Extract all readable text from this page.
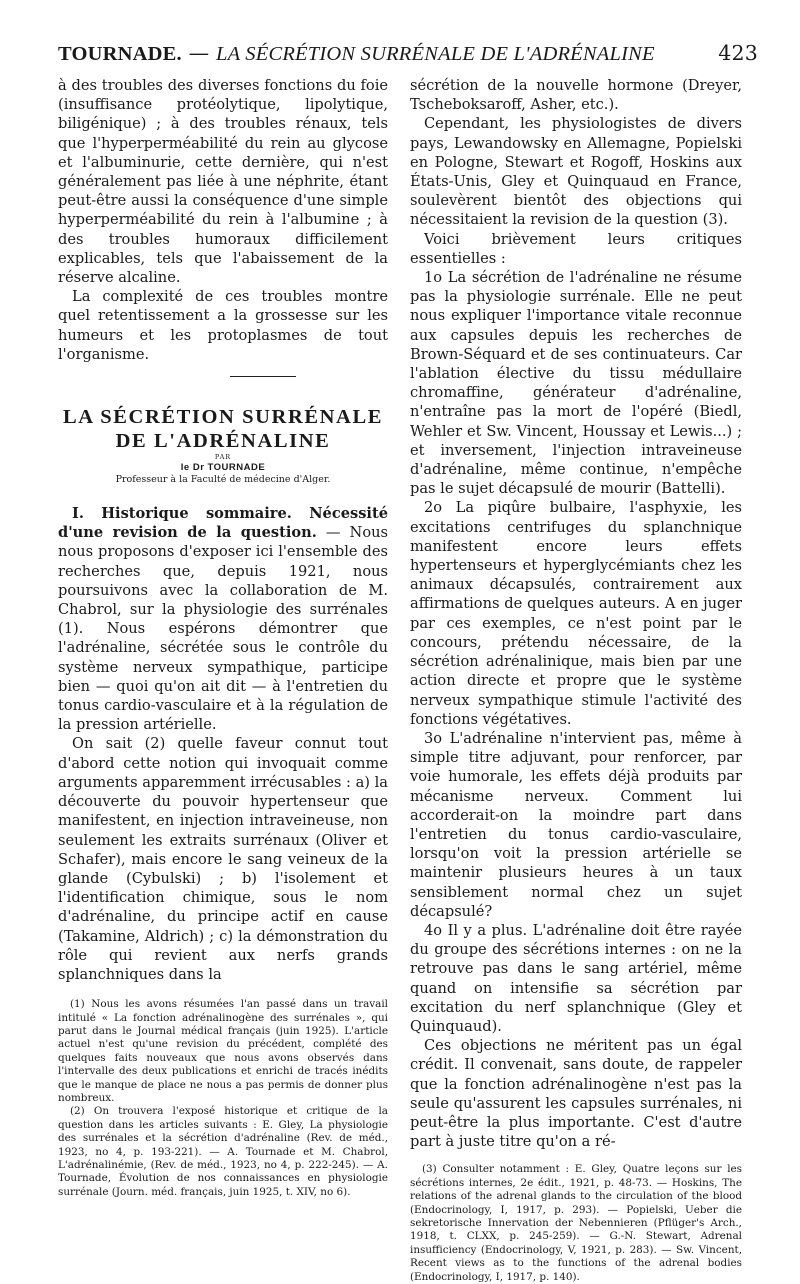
TOURNADE. — LA SÉCRÉTION SURRÉNALE DE L'ADRÉNALINE	423

à des troubles des diverses fonctions du foie (insuffisance protéolytique, lipolytique, biligénique) ; à des troubles rénaux, tels que l'hyperperméabilité du rein au glycose et l'albuminurie, cette dernière, qui n'est généralement pas liée à une néphrite, étant peut-être aussi la conséquence d'une simple hyperperméabilité du rein à l'albumine ; à des troubles humoraux difficilement explicables, tels que l'abaissement de la réserve alcaline.

La complexité de ces troubles montre quel retentissement a la grossesse sur les humeurs et les protoplasmes de tout l'organisme.

LA SÉCRÉTION SURRÉNALE

DE L'ADRÉNALINE

PAR

le Dr TOURNADE

Professeur à la Faculté de médecine d'Alger.

I. Historique sommaire. Nécessité d'une revision de la question. — Nous nous proposons d'exposer ici l'ensemble des recherches que, depuis 1921, nous poursuivons avec la collaboration de M. Chabrol, sur la physiologie des surrénales (1). Nous espérons démontrer que l'adrénaline, sécrétée sous le contrôle du système nerveux sympathique, participe bien — quoi qu'on ait dit — à l'entretien du tonus cardio-vasculaire et à la régulation de la pression artérielle.

On sait (2) quelle faveur connut tout d'abord cette notion qui invoquait comme arguments apparemment irrécusables : a) la découverte du pouvoir hypertenseur que manifestent, en injection intraveineuse, non seulement les extraits surrénaux (Oliver et Schafer), mais encore le sang veineux de la glande (Cybulski) ; b) l'isolement et l'identification chimique, sous le nom d'adrénaline, du principe actif en cause (Takamine, Aldrich) ; c) la démonstration du rôle qui revient aux nerfs grands splanchniques dans la

(1) Nous les avons résumées l'an passé dans un travail intitulé « La fonction adrénalinogène des surrénales », qui parut dans le Journal médical français (juin 1925). L'article actuel n'est qu'une revision du précédent, complété des quelques faits nouveaux que nous avons observés dans l'intervalle des deux publications et enrichi de tracés inédits que le manque de place ne nous a pas permis de donner plus nombreux.

(2) On trouvera l'exposé historique et critique de la question dans les articles suivants : E. Gley, La physiologie des surrénales et la sécrétion d'adrénaline (Rev. de méd., 1923, no 4, p. 193-221). — A. Tournade et M. Chabrol, L'adrénalinémie, (Rev. de méd., 1923, no 4, p. 222-245). — A. Tournade, Évolution de nos connaissances en physiologie surrénale (Journ. méd. français, juin 1925, t. XIV, no 6).

sécrétion de la nouvelle hormone (Dreyer, Tscheboksaroff, Asher, etc.).

Cependant, les physiologistes de divers pays, Lewandowsky en Allemagne, Popielski en Pologne, Stewart et Rogoff, Hoskins aux États-Unis, Gley et Quinquaud en France, soulevèrent bientôt des objections qui nécessitaient la revision de la question (3).

Voici brièvement leurs critiques essentielles :

1o La sécrétion de l'adrénaline ne résume pas la physiologie surrénale. Elle ne peut nous expliquer l'importance vitale reconnue aux capsules depuis les recherches de Brown-Séquard et de ses continuateurs. Car l'ablation élective du tissu médullaire chromaffine, générateur d'adrénaline, n'entraîne pas la mort de l'opéré (Biedl, Wehler et Sw. Vincent, Houssay et Lewis...) ; et inversement, l'injection intraveineuse d'adrénaline, même continue, n'empêche pas le sujet décapsulé de mourir (Battelli).

2o La piqûre bulbaire, l'asphyxie, les excitations centrifuges du splanchnique manifestent encore leurs effets hypertenseurs et hyperglycémiants chez les animaux décapsulés, contrairement aux affirmations de quelques auteurs. A en juger par ces exemples, ce n'est point par le concours, prétendu nécessaire, de la sécrétion adrénalinique, mais bien par une action directe et propre que le système nerveux sympathique stimule l'activité des fonctions végétatives.

3o L'adrénaline n'intervient pas, même à simple titre adjuvant, pour renforcer, par voie humorale, les effets déjà produits par mécanisme nerveux. Comment lui accorderait-on la moindre part dans l'entretien du tonus cardio-vasculaire, lorsqu'on voit la pression artérielle se maintenir plusieurs heures à un taux sensiblement normal chez un sujet décapsulé?

4o Il y a plus. L'adrénaline doit être rayée du groupe des sécrétions internes : on ne la retrouve pas dans le sang artériel, même quand on intensifie sa sécrétion par excitation du nerf splanchnique (Gley et Quinquaud).

Ces objections ne méritent pas un égal crédit. Il convenait, sans doute, de rappeler que la fonction adrénalinogène n'est pas la seule qu'assurent les capsules surrénales, ni peut-être la plus importante. C'est d'autre part à juste titre qu'on a ré-

(3) Consulter notamment : E. Gley, Quatre leçons sur les sécrétions internes, 2e édit., 1921, p. 48-73. — Hoskins, The relations of the adrenal glands to the circulation of the blood (Endocrinology, I, 1917, p. 293). — Popielski, Ueber die sekretorische Innervation der Nebennieren (Pflüger's Arch., 1918, t. CLXX, p. 245-259). — G.-N. Stewart, Adrenal insufficiency (Endocrinology, V, 1921, p. 283). — Sw. Vincent, Recent views as to the functions of the adrenal bodies (Endocrinology, I, 1917, p. 140).
